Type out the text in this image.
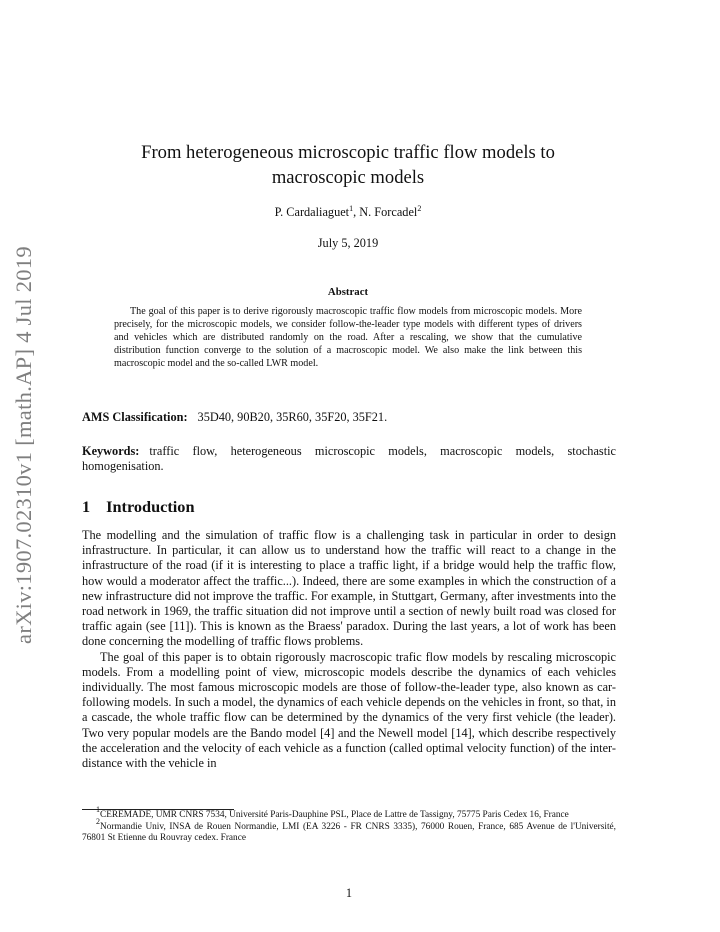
arXiv:1907.02310v1 [math.AP] 4 Jul 2019
From heterogeneous microscopic traffic flow models to macroscopic models
P. Cardaliaguet$^1$, N. Forcadel$^2$
July 5, 2019
Abstract
The goal of this paper is to derive rigorously macroscopic traffic flow models from microscopic models. More precisely, for the microscopic models, we consider follow-the-leader type models with different types of drivers and vehicles which are distributed randomly on the road. After a rescaling, we show that the cumulative distribution function converge to the solution of a macroscopic model. We also make the link between this macroscopic model and the so-called LWR model.
AMS Classification: 35D40, 90B20, 35R60, 35F20, 35F21.
Keywords: traffic flow, heterogeneous microscopic models, macroscopic models, stochastic homogenisation.
1 Introduction

The modelling and the simulation of traffic flow is a challenging task in particular in order to design infrastructure. In particular, it can allow us to understand how the traffic will react to a change in the infrastructure of the road (if it is interesting to place a traffic light, if a bridge would help the traffic flow, how would a moderator affect the traffic...). Indeed, there are some examples in which the construction of a new infrastructure did not improve the traffic. For example, in Stuttgart, Germany, after investments into the road network in 1969, the traffic situation did not improve until a section of newly built road was closed for traffic again (see [11]). This is known as the Braess' paradox. During the last years, a lot of work has been done concerning the modelling of traffic flows problems.

The goal of this paper is to obtain rigorously macroscopic trafic flow models by rescaling microscopic models. From a modelling point of view, microscopic models describe the dynamics of each vehicles individually. The most famous microscopic models are those of follow-the-leader type, also known as car-following models. In such a model, the dynamics of each vehicle depends on the vehicles in front, so that, in a cascade, the whole traffic flow can be determined by the dynamics of the very first vehicle (the leader). Two very popular models are the Bando model [4] and the Newell model [14], which describe respectively the acceleration and the velocity of each vehicle as a function (called optimal velocity function) of the inter-distance with the vehicle in

$^1$CEREMADE, UMR CNRS 7534, Université Paris-Dauphine PSL, Place de Lattre de Tassigny, 75775 Paris Cedex 16, France

$^2$Normandie Univ, INSA de Rouen Normandie, LMI (EA 3226 - FR CNRS 3335), 76000 Rouen, France, 685 Avenue de l'Université, 76801 St Etienne du Rouvray cedex. France

1
